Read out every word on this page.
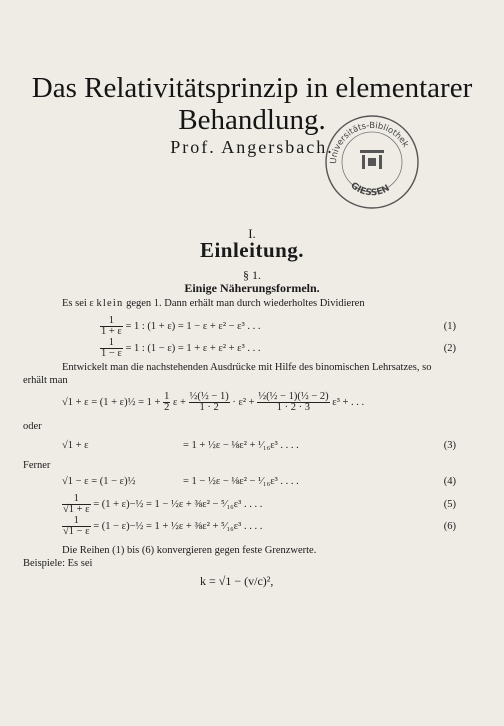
Das Relativitätsprinzip in elementarer
Behandlung.
Prof. Angersbach.
Universitäts-Bibliothek
GIESSEN
I.
Einleitung.
§ 1.
Einige Näherungsformeln.
Es sei ε klein gegen 1. Dann erhält man durch wiederholtes Dividieren
$\frac{1}{1 + \varepsilon} = 1$ : (1 + ε) = 1 − ε + ε² − ε³ . . .	(1)
$\frac{1}{1 - \varepsilon} = 1$ : (1 − ε) = 1 + ε + ε² + ε³ . . .	(2)
Entwickelt man die nachstehenden Ausdrücke mit Hilfe des binomischen Lehrsatzes, so
erhält man
√1 + ε = (1 + ε)½ = $1 + \frac{1}{2}$ $\varepsilon + \frac{\text{½(½ − 1)}}{1 \cdot 2} \cdot \varepsilon^2 + \frac{\text{½(½ − 1)(½ − 2)}}{1 \cdot 2 \cdot 3} \varepsilon^3$ + . . .
oder
√1 + ε	= 1 + ½ε − ⅛ε² + ¹⁄₁₆ε³ . . . .	(3)
Ferner
√1 − ε = (1 − ε)½	= 1 − ½ε − ⅛ε² − ¹⁄₁₆ε³ . . . .	(4)
$\frac{1}{√1 + \varepsilon} = (1$ + ε)−½ = 1 − ½ε + ⅜ε² − ⁵⁄₁₆ε³ . . . .	(5)
$\frac{1}{√1 - \varepsilon} = (1$ − ε)−½ = 1 + ½ε + ⅜ε² + ⁵⁄₁₆ε³ . . . .	(6)
Die Reihen (1) bis (6) konvergieren gegen feste Grenzwerte.
Beispiele: Es sei
k = √1 − (v/c)²,
